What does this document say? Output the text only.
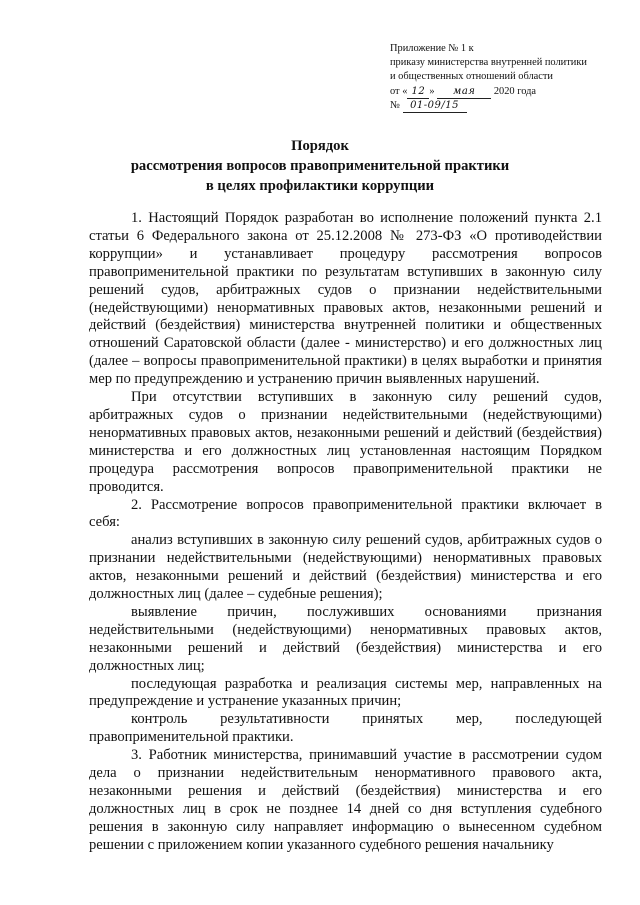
Приложение № 1 к
приказу министерства внутренней политики
и общественных отношений области
от « 12 » мая 2020 года
№ 01-09/15
Порядок
рассмотрения вопросов правоприменительной практики
в целях профилактики коррупции

1. Настоящий Порядок разработан во исполнение положений пункта 2.1 статьи 6 Федерального закона от 25.12.2008 № 273-ФЗ «О противодействии коррупции» и устанавливает процедуру рассмотрения вопросов правоприменительной практики по результатам вступивших в законную силу решений судов, арбитражных судов о признании недействительными (недействующими) ненормативных правовых актов, незаконными решений и действий (бездействия) министерства внутренней политики и общественных отношений Саратовской области (далее - министерство) и его должностных лиц (далее – вопросы правоприменительной практики) в целях выработки и принятия мер по предупреждению и устранению причин выявленных нарушений.

При отсутствии вступивших в законную силу решений судов, арбитражных судов о признании недействительными (недействующими) ненормативных правовых актов, незаконными решений и действий (бездействия) министерства и его должностных лиц установленная настоящим Порядком процедура рассмотрения вопросов правоприменительной практики не проводится.

2. Рассмотрение вопросов правоприменительной практики включает в себя:

анализ вступивших в законную силу решений судов, арбитражных судов о признании недействительными (недействующими) ненормативных правовых актов, незаконными решений и действий (бездействия) министерства и его должностных лиц (далее – судебные решения);

выявление причин, послуживших основаниями признания недействительными (недействующими) ненормативных правовых актов, незаконными решений и действий (бездействия) министерства и его должностных лиц;

последующая разработка и реализация системы мер, направленных на предупреждение и устранение указанных причин;

контроль результативности принятых мер, последующей правоприменительной практики.

3. Работник министерства, принимавший участие в рассмотрении судом дела о признании недействительным ненормативного правового акта, незаконными решения и действий (бездействия) министерства и его должностных лиц в срок не позднее 14 дней со дня вступления судебного решения в законную силу направляет информацию о вынесенном судебном решении с приложением копии указанного судебного решения начальнику
